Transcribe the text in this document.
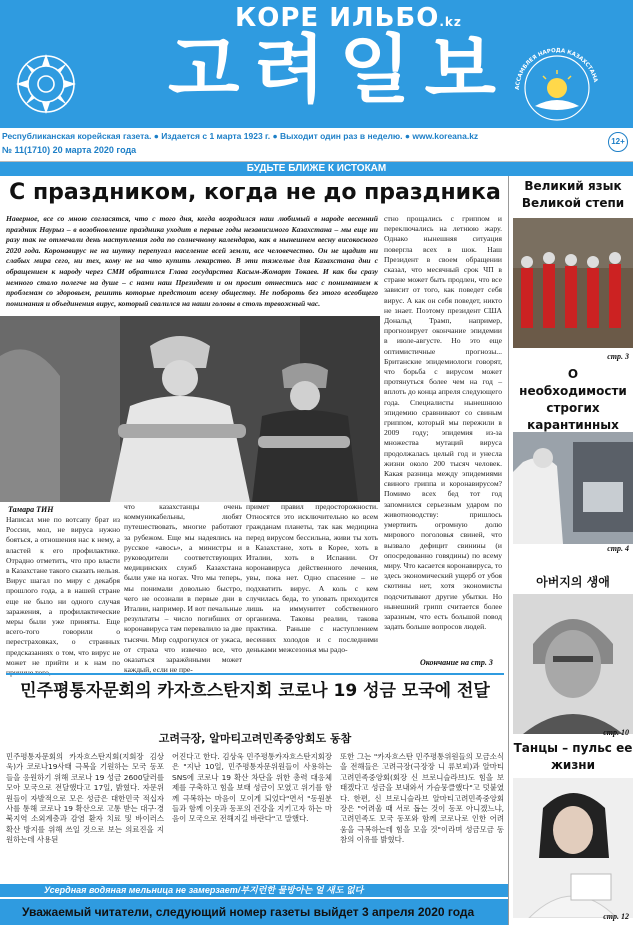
КОРЕ ИЛЬБО.kz
고려일보 АССАМБЛЕЯ НАРОДА КАЗАХСТАНА
Республиканская корейская газета. ● Издается с 1 марта 1923 г. ● Выходит один раз в неделю. ● www.koreana.kz
№ 11(1710) 20 марта 2020 года
12+
БУДЬТЕ БЛИЖЕ К ИСТОКАМ
С праздником, когда не до праздника
Наверное, все со мною согласятся, что с того дня, когда возродился наш любимый в народе весенний праздник Наурыз – в возобновление праздника уходит в первые годы независимого Казахстана – мы еще ни разу так не отмечали день наступления года по солнечному календарю, как в нынешнем весну високосного 2020 года. Коронавирус не на шутку перепугал население всей земли, все человечество. Он не щадит ни слабых мира сего, ни тех, кому не на что купить лекарство. В эти тяжелые для Казахстана дни с обращением к народу через СМИ обратился Глава государства Касым-Жомарт Токаев. И как бы сразу немного стало полегче на душе – с нами наш Президент и он просит отнестись нас с пониманием к проблемам со здоровьем, решить которые предстоит всему обществу. Не побороть без этого всеобщего понимания и объединения вирус, который свалился на наши головы в столь тревожный час.
стно прощались с гриппом и переключались на летнюю жару. Однако нынешняя ситуация повергла всех в шок. Наш Президент в своем обращении сказал, что месячный срок ЧП в стране может быть продлен, что все зависит от того, как поведет себя вирус. А как он себя поведет, никто не знает. Поэтому президент США Дональд Трамп, например, прогнозирует окончание эпидемии в июле-августе. Но это еще оптимистичные прогнозы... Британские эпидемиологи говорят, что борьба с вирусом может протянуться более чем на год – вплоть до конца апреля следующего года. Специалисты нынешнюю эпидемию сравнивают со свиным гриппом, который мы пережили в 2009 году; эпидемия из-за множества мутаций вируса продолжалась целый год и унесла жизни около 200 тысяч человек. Какая разница между эпидемиями свиного гриппа и коронавирусом? Помимо всех бед тот год запомнился серьезным ударом по животноводству: пришлось умертвить огромную долю мирового поголовья свиней, что вызвало дефицит свинины (и опосредованно говядины) по всему миру. Что касается коронавируса, то здесь экономический ущерб от убоя скотины нет, хотя экономисты подсчитывают другие убытки. Но нынешний грипп считается более заразным, что есть большой повод задать больше вопросов людей.
Тамара ТИН
Написал мне по вотсапу брат из России, мол, не вирусa нужно бояться, а отношения нас к нему, а властей к его профилактике. Отрадно отметить, что про власти в Казахстане такого сказать нельзя. Вирус шагал по миру с декабря прошлого года, а в нашей стране еще не было ни одного случая заражения, а профилактические меры были уже приняты. Еще всего-того говорили о перестраховках, о странных предсказаниях о том, что вирус не может не прийти и к нам по причине того,
что казахстанцы очень коммуникабельны, любят путешествовать, многие работают за рубежом. Еще мы надеялись на русское «авось», а министры и руководители соответствующих медицинских служб Казахстана были уже на ногах. Что мы теперь, мы понимали довольно быстро, чего не осознали в первые дни в Италии, например. И вот печальные результаты – число погибших от коронавируса там перевалило за две тысячи. Мир содрогнулся от ужаса, от страха что извечно все, что оказаться заражёнными может каждый, если не пре-
примет правил предосторожности. Относятся это исключительно ко всем гражданам планеты, так как медицина перед вирусом бессильна, живи ты хоть в Казахстане, хоть в Корее, хоть в Италии, хоть в Испании. От коронавируса действенного лечения, увы, пока нет. Одно спасение – не подхватить вирус. А коль с кем случилась беда, то уповать приходится лишь на иммунитет собственного организма. Таковы реалии, такова практика. Раньше с наступлением весенних холодов и с последними деньками межсезонья мы радо-
Окончание на стр. 3
민주평통자문회의 카자흐스탄지회 코로나 19 성금 모국에 전달
고려극장, 알마티고려민족중앙회도 동참
민주평통자문회의 카자흐스탄지회(지회장 김상욱)가 코로나19사태 극복을 기원하는 모국 동포들을 응원하기 위해 코로나 19 성금 2600달러를 모아 모국으로 전달했다고 17일, 밝혔다. 자문위원들이 자발적으로 모은 성금은 대한민국 적십자사를 통해 코로나 19 확산으로 고통 받는 대구·경북지역 소외계층과 감염 환자 치료 및 바이러스 확산 방지를 위해 쓰일 것으로 보는 의료진을 지원하는데 사용된
어진다고 한다. 김상욱 민주평통카자흐스탄지회장은 "지난 10일, 민주평통자문위원들이 사용하는 SNS에 코로나 19 확산 차단을 위한 총력 대응체제를 구축하고 힘을 보태 성금이 모였고 위기를 함께 극복하는 마음이 모이게 되었다"면서 "동원분들과 함께 이웃과 동포의 건강을 지키고자 하는 마음이 모국으로 전해지길 바란다"고 말했다.
또한 그는 "카자흐스탄 민주평통위원들의 모금소식을 전해들은 고려극장(극장장 니 류보피)과 알마티고려민족중앙회(회장 신 브로니슬라브)도 힘을 보태겠다고 성금을 보내와서 가슴뭉클했다"고 덧붙였다. 한편, 신 브로니슬라브 알마티고려민족중앙회장은 "어려울 때 서로 돕는 것이 동포 아니겠느냐, 고려민족도 모국 동포와 함께 코로나로 인한 어려움을 극복하는데 힘을 모을 것"이라며 성금모금 동참의 이유를 밝혔다.
Усердная водяная мельница не замерзает/부지런한 물방아는 얼 새도 없다
Уважаемый читатели, следующий номер газеты выйдет 3 апреля 2020 года
Великий язык Великой степи
стр. 3
О необходимости строгих карантинных
стр. 4
아버지의 생애
стр. 10
Танцы – пульс ее жизни
стр. 12
